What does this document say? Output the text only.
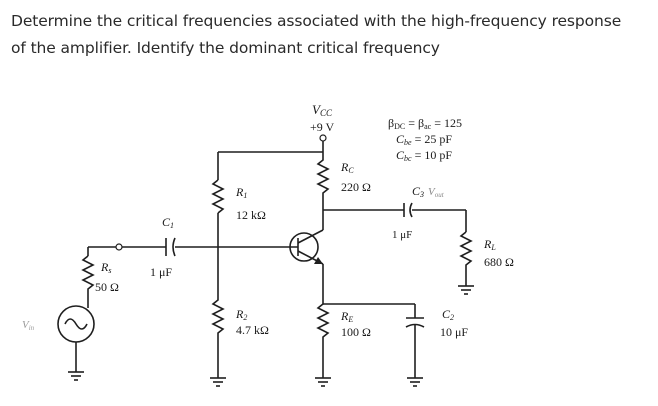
Determine the critical frequencies associated with the high-frequency response
of the amplifier. Identify the dominant critical frequency
VCC
+9 V
R1
12 kΩ
RC
220 Ω	C3
1 μF
Vout
RL
680 Ω
RE
100 Ω
C2
10 μF
R2
4.7 kΩ
C1
1 μF
Rs
50 Ω
Vin
βDC = βac = 125
Cbe = 25 pF
Cbc = 10 pF
